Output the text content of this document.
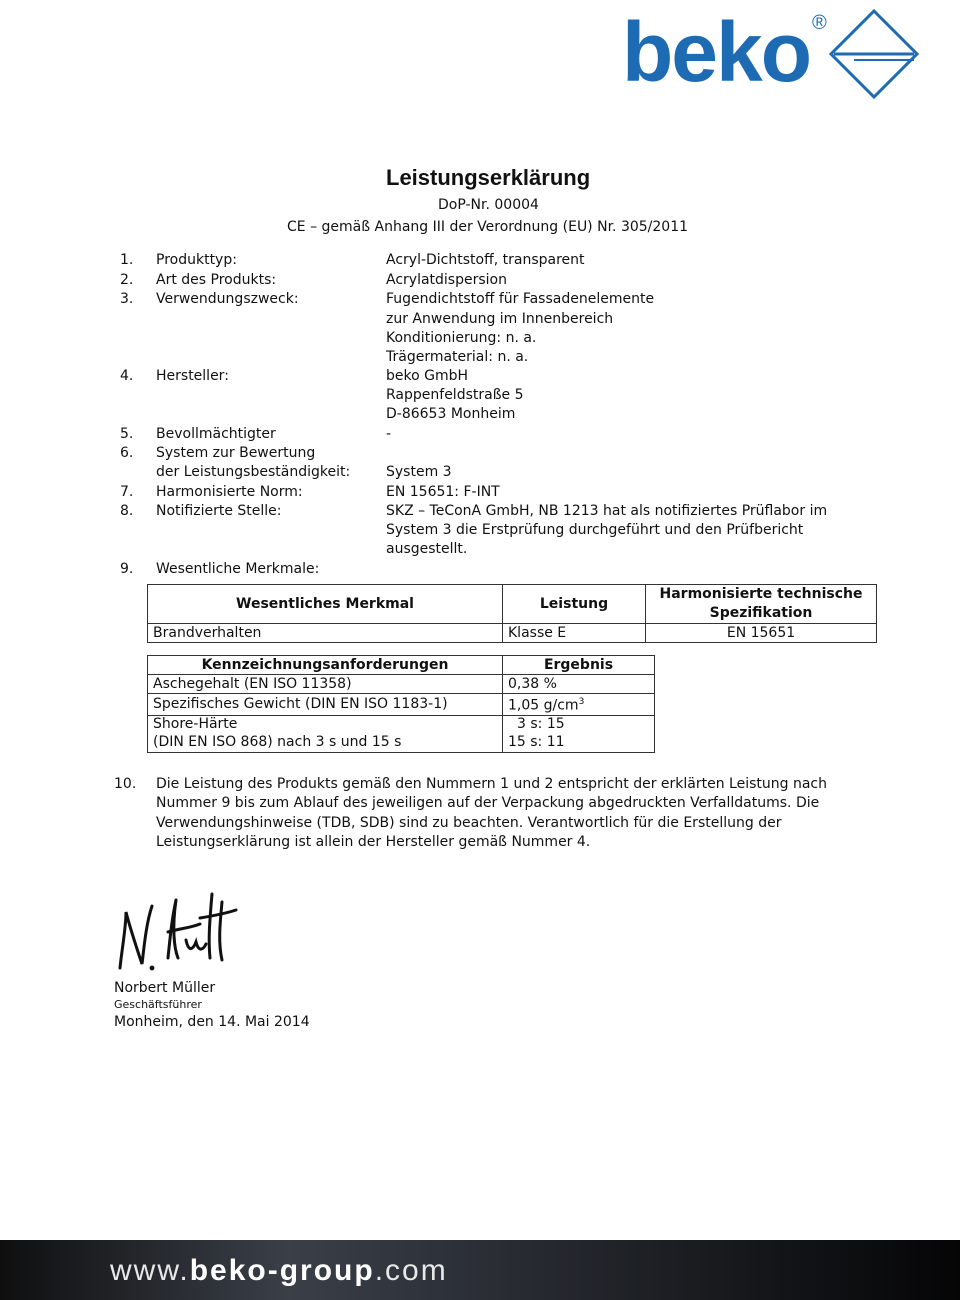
beko ®
Leistungserklärung
DoP-Nr. 00004
CE – gemäß Anhang III der Verordnung (EU) Nr. 305/2011
1. Produkttyp:	Acryl-Dichtstoff, transparent
2. Art des Produkts:	Acrylatdispersion
3. Verwendungszweck:	Fugendichtstoff für Fassadenelemente
zur Anwendung im Innenbereich
Konditionierung: n. a.
Trägermaterial: n. a.
4. Hersteller:	beko GmbH
Rappenfeldstraße 5
D-86653 Monheim
5. Bevollmächtigter	-
6. System zur Bewertung
der Leistungsbeständigkeit:	System 3
7. Harmonisierte Norm:	EN 15651: F-INT
8. Notifizierte Stelle:	SKZ – TeConA GmbH, NB 1213 hat als notifiziertes Prüflabor im
System 3 die Erstprüfung durchgeführt und den Prüfbericht
ausgestellt.
9. Wesentliche Merkmale:
Wesentliches Merkmal	Leistung	Harmonisierte technische
Spezifikation
Brandverhalten	Klasse E	EN 15651
Kennzeichnungsanforderungen	Ergebnis
Aschegehalt (EN ISO 11358)	0,38 %
Spezifisches Gewicht (DIN EN ISO 1183-1)	1,05 $g/cm^3$
Shore-Härte	3 s: 15
(DIN EN ISO 868) nach 3 s und 15 s	15 s: 11
10. Die Leistung des Produkts gemäß den Nummern 1 und 2 entspricht der erklärten Leistung nach
Nummer 9 bis zum Ablauf des jeweiligen auf der Verpackung abgedruckten Verfalldatums. Die
Verwendungshinweise (TDB, SDB) sind zu beachten. Verantwortlich für die Erstellung der
Leistungserklärung ist allein der Hersteller gemäß Nummer 4.
Norbert Müller
Geschäftsführer
Monheim, den 14. Mai 2014
www.beko-group.com
